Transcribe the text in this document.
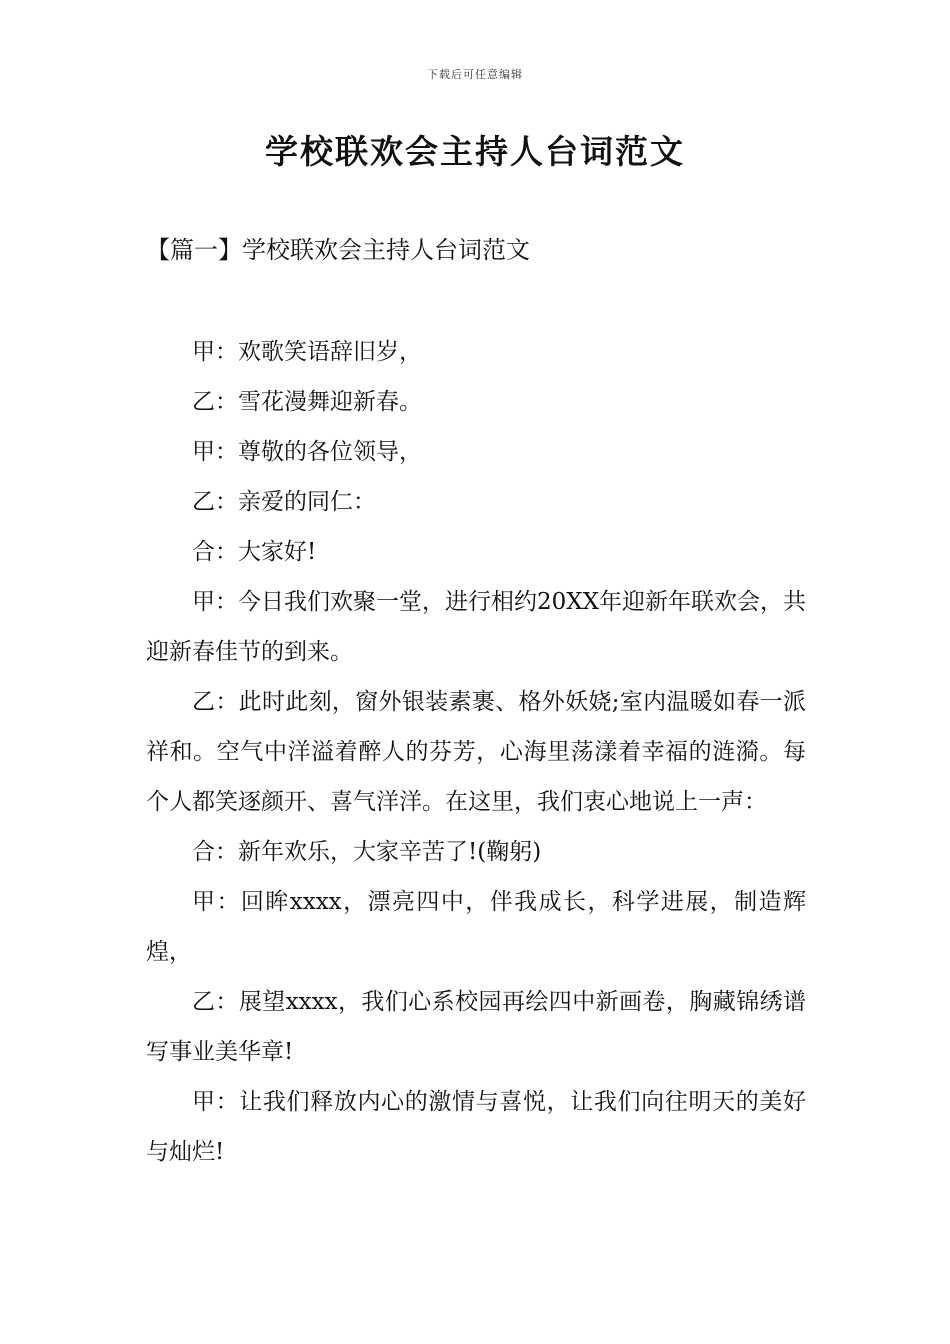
下载后可任意编辑
学校联欢会主持人台词范文
【篇一】学校联欢会主持人台词范文

甲：欢歌笑语辞旧岁，

乙：雪花漫舞迎新春。

甲：尊敬的各位领导，

乙：亲爱的同仁：

合：大家好!

甲：今日我们欢聚一堂，进行相约20XX年迎新年联欢会，共迎新春佳节的到来。

乙：此时此刻，窗外银装素裹、格外妖娆;室内温暖如春一派祥和。空气中洋溢着醉人的芬芳，心海里荡漾着幸福的涟漪。每个人都笑逐颜开、喜气洋洋。在这里，我们衷心地说上一声：

合：新年欢乐，大家辛苦了!(鞠躬)

甲：回眸xxxx，漂亮四中，伴我成长，科学进展，制造辉煌，

乙：展望xxxx，我们心系校园再绘四中新画卷，胸藏锦绣谱写事业美华章!

甲：让我们释放内心的激情与喜悦，让我们向往明天的美好与灿烂!
